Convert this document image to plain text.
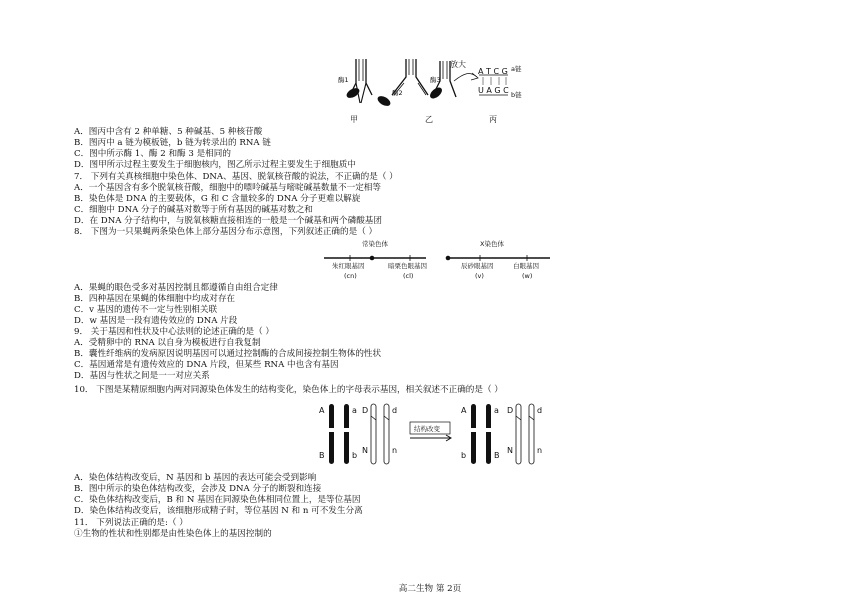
A T C G
U A G C
a链
b链
放大
酶1
酶2
酶3
甲	乙	丙
A．图丙中含有 2 种单糖、5 种碱基、5 种核苷酸
B．图丙中 a 链为模板链，b 链为转录出的 RNA 链
C．图中所示酶 1、酶 2 和酶 3 是相同的
D．图甲所示过程主要发生于细胞核内，图乙所示过程主要发生于细胞质中
7． 下列有关真核细胞中染色体、DNA、基因、脱氧核苷酸的说法，不正确的是（ ）
A．一个基因含有多个脱氧核苷酸，细胞中的嘌呤碱基与嘧啶碱基数量不一定相等
B．染色体是 DNA 的主要载体，G 和 C 含量较多的 DNA 分子更难以解旋
C．细胞中 DNA 分子的碱基对数等于所有基因的碱基对数之和
D．在 DNA 分子结构中，与脱氧核糖直接相连的一般是一个碱基和两个磷酸基团
8． 下图为一只果蝇两条染色体上部分基因分布示意图，下列叙述正确的是（ ）
常染色体	X染色体
朱红眼基因	暗栗色眼基因	辰砂眼基因	白眼基因
(cn)	(cl)	(v)	(w)
A．果蝇的眼色受多对基因控制且都遵循自由组合定律
B．四种基因在果蝇的体细胞中均成对存在
C．v 基因的遗传不一定与性别相关联
D．w 基因是一段有遗传效应的 DNA 片段
9． 关于基因和性状及中心法则的论述正确的是（ ）
A．受精卵中的 RNA 以自身为模板进行自我复制
B．囊性纤维病的发病原因说明基因可以通过控制酶的合成间接控制生物体的性状
C．基因通常是有遗传效应的 DNA 片段，但某些 RNA 中也含有基因
D．基因与性状之间是一一对应关系
10． 下图是某精原细胞内两对同源染色体发生的结构变化，染色体上的字母表示基因，相关叙述不正确的是（ ）
A	a
B	b
D	d
N	n
结构改变
A	a
b	B
D	d
N	n
A．染色体结构改变后，N 基因和 b 基因的表达可能会受到影响
B．图中所示的染色体结构改变，会涉及 DNA 分子的断裂和连接
C．染色体结构改变后，B 和 N 基因在同源染色体相同位置上，是等位基因
D．染色体结构改变后，该细胞形成精子时，等位基因 N 和 n 可不发生分离
11． 下列说法正确的是:（ ）
①生物的性状和性别都是由性染色体上的基因控制的
高二生物 第 2页
